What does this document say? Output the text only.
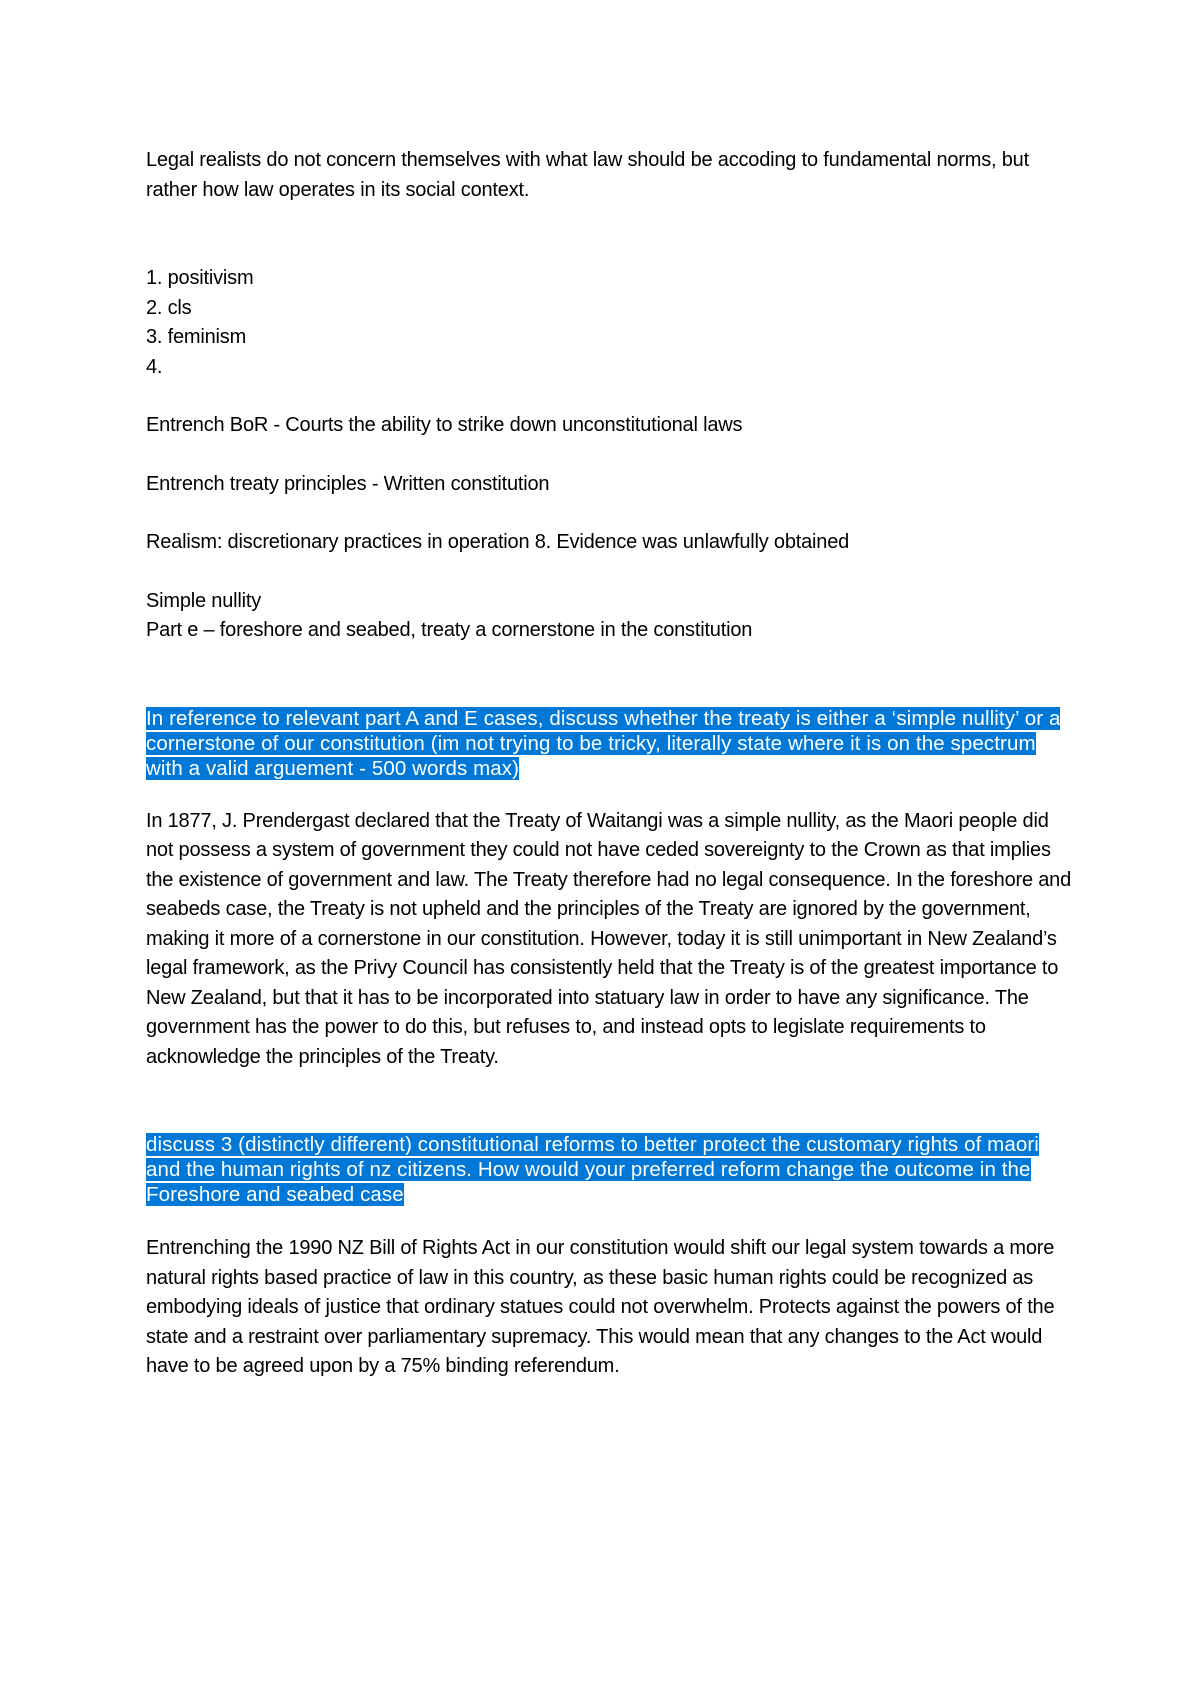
Legal realists do not concern themselves with what law should be accoding to fundamental norms, but rather how law operates in its social context.

1. positivism
2. cls
3. feminism
4.

Entrench BoR - Courts the ability to strike down unconstitutional laws

Entrench treaty principles - Written constitution

Realism: discretionary practices in operation 8. Evidence was unlawfully obtained

Simple nullity

Part e – foreshore and seabed, treaty a cornerstone in the constitution

In reference to relevant part A and E cases, discuss whether the treaty is either a ‘simple nullity’ or a cornerstone of our constitution (im not trying to be tricky, literally state where it is on the spectrum with a valid arguement - 500 words max)

In 1877, J. Prendergast declared that the Treaty of Waitangi was a simple nullity, as the Maori people did not possess a system of government they could not have ceded sovereignty to the Crown as that implies the existence of government and law. The Treaty therefore had no legal consequence. In the foreshore and seabeds case, the Treaty is not upheld and the principles of the Treaty are ignored by the government, making it more of a cornerstone in our constitution. However, today it is still unimportant in New Zealand’s legal framework, as the Privy Council has consistently held that the Treaty is of the greatest importance to New Zealand, but that it has to be incorporated into statuary law in order to have any significance. The government has the power to do this, but refuses to, and instead opts to legislate requirements to acknowledge the principles of the Treaty.

discuss 3 (distinctly different) constitutional reforms to better protect the customary rights of maori and the human rights of nz citizens. How would your preferred reform change the outcome in the Foreshore and seabed case

Entrenching the 1990 NZ Bill of Rights Act in our constitution would shift our legal system towards a more natural rights based practice of law in this country, as these basic human rights could be recognized as embodying ideals of justice that ordinary statues could not overwhelm. Protects against the powers of the state and a restraint over parliamentary supremacy. This would mean that any changes to the Act would have to be agreed upon by a 75% binding referendum.
